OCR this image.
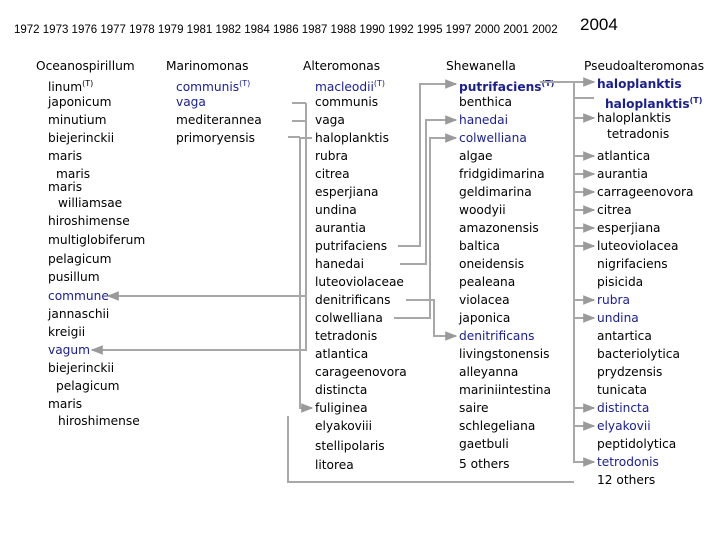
1972 1973 1976 1977 1978 1979 1981 1982 1984 1986 1987 1988 1990 1992 1995 1997 2000 2001 2002 2004
Oceanospirillum
linum$^{(T)}$
japonicum
minutium
biejerinckii
maris
maris
maris
williamsae
hiroshimense
multiglobiferum
pelagicum
pusillum
commune
jannaschii
kreigii
vagum
biejerinckii
pelagicum
maris
hiroshimense
Marinomonas
communis$^{(T)}$
vaga
mediterannea
primoryensis
Alteromonas
macleodii$^{(T)}$
communis
vaga
haloplanktis
rubra
citrea
esperjiana
undina
aurantia
putrifaciens
hanedai
luteoviolaceae
denitrificans
colwelliana
tetradonis
atlantica
carageenovora
distincta
fuliginea
elyakoviii
stellipolaris
litorea
Shewanella
putrifaciens$^{(T)}$
benthica
hanedai
colwelliana
algae
fridgidimarina
geldimarina
woodyii
amazonensis
baltica
oneidensis
pealeana
violacea
japonica
denitrificans
livingstonensis
alleyanna
mariniintestina
saire
schlegeliana
gaetbuli
5 others
Pseudoalteromonas
haloplanktis
haloplanktis$^{(T)}$
haloplanktis
tetradonis
atlantica
aurantia
carrageenovora
citrea
esperjiana
luteoviolacea
nigrifaciens
pisicida
rubra
undina
antartica
bacteriolytica
prydzensis
tunicata
distincta
elyakovii
peptidolytica
tetrodonis
12 others
